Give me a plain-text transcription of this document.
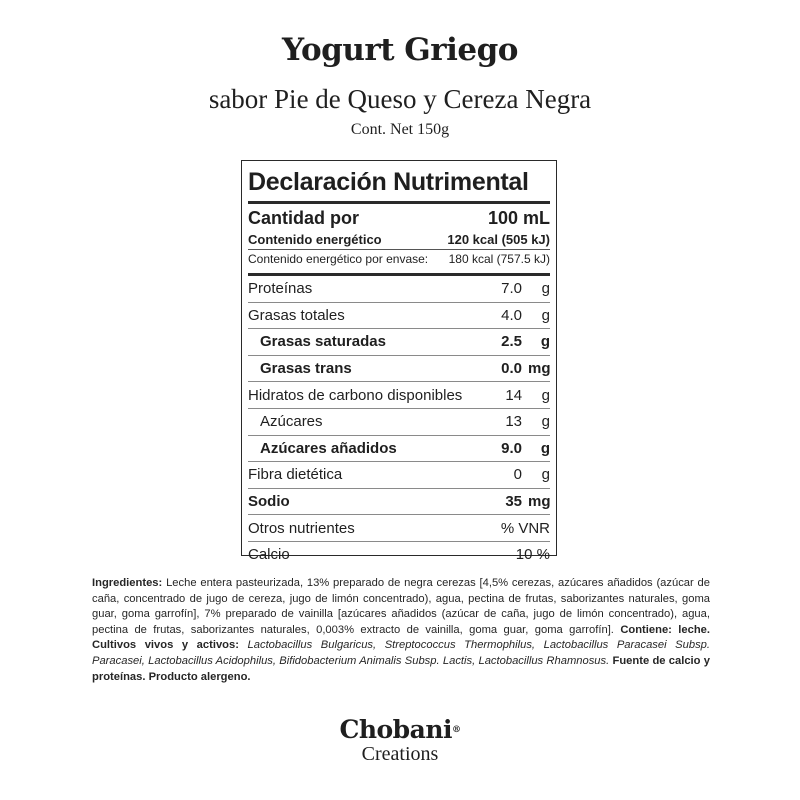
Yogurt Griego
sabor Pie de Queso y Cereza Negra
Cont. Net 150g
Declaración Nutrimental
Cantidad por	100 mL
Contenido energético	120 kcal (505 kJ)
Contenido energético por envase: 180 kcal (757.5 kJ)
Proteínas	7.0	g
Grasas totales	4.0	g
Grasas saturadas	2.5	g
Grasas trans	0.0 mg
Hidratos de carbono disponibles	14	g
Azúcares	13	g
Azúcares añadidos	9.0	g
Fibra dietética	0	g
Sodio	35 mg
Otros nutrientes	% VNR
Calcio	10 %
Ingredientes: Leche entera pasteurizada, 13% preparado de negra cerezas [4,5% cerezas, azúcares añadidos (azúcar de caña, concentrado de jugo de cereza, jugo de limón concentrado), agua, pectina de frutas, saborizantes naturales, goma guar, goma garrofín], 7% preparado de vainilla [azúcares añadidos (azúcar de caña, jugo de limón concentrado), agua, pectina de frutas, saborizantes naturales, 0,003% extracto de vainilla, goma guar, goma garrofín]. Contiene: leche. Cultivos vivos y activos: Lactobacillus Bulgaricus, Streptococcus Thermophilus, Lactobacillus Paracasei Subsp. Paracasei, Lactobacillus Acidophilus, Bifidobacterium Animalis Subsp. Lactis, Lactobacillus Rhamnosus. Fuente de calcio y proteínas. Producto alergeno.
Chobani®
Creations
